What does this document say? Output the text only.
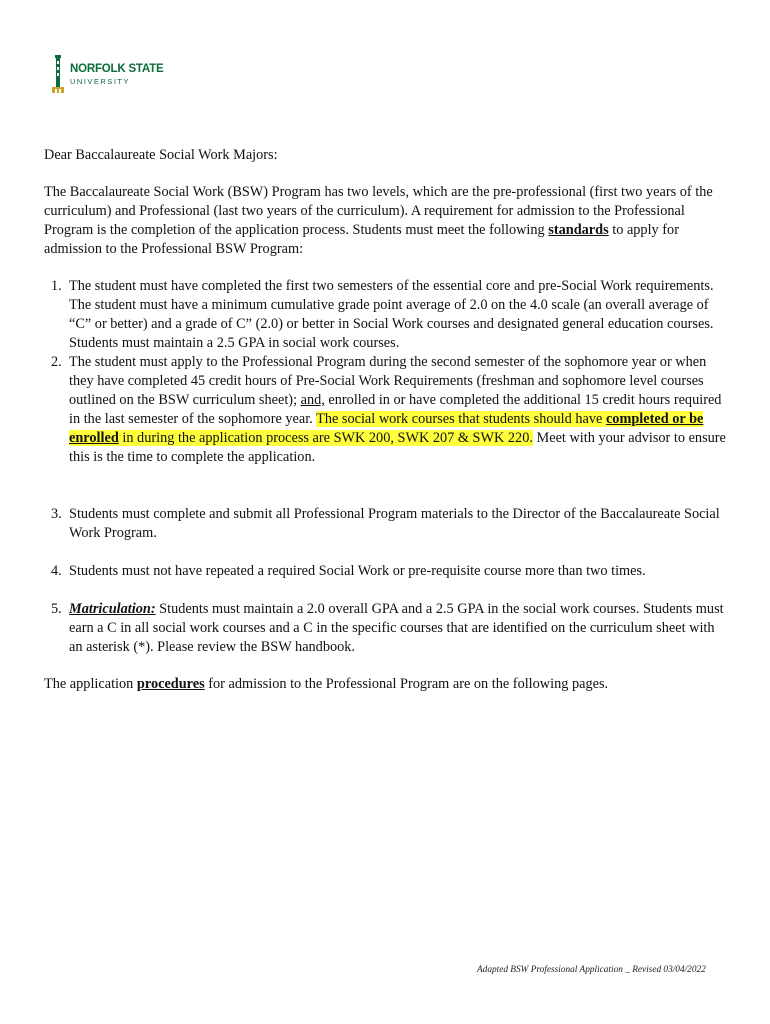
NORFOLK STATE
UNIVERSITY

Dear Baccalaureate Social Work Majors:

The Baccalaureate Social Work (BSW) Program has two levels, which are the pre-professional (first two years of the curriculum) and Professional (last two years of the curriculum). A requirement for admission to the Professional Program is the completion of the application process. Students must meet the following standards to apply for admission to the Professional BSW Program:

1. The student must have completed the first two semesters of the essential core and pre-Social Work requirements. The student must have a minimum cumulative grade point average of 2.0 on the 4.0 scale (an overall average of “C” or better) and a grade of C” (2.0) or better in Social Work courses and designated general education courses. Students must maintain a 2.5 GPA in social work courses.
2. The student must apply to the Professional Program during the second semester of the sophomore year or when they have completed 45 credit hours of Pre-Social Work Requirements (freshman and sophomore level courses outlined on the BSW curriculum sheet); and, enrolled in or have completed the additional 15 credit hours required in the last semester of the sophomore year. The social work courses that students should have completed or be enrolled in during the application process are SWK 200, SWK 207 & SWK 220. Meet with your advisor to ensure this is the time to complete the application.
3. Students must complete and submit all Professional Program materials to the Director of the Baccalaureate Social Work Program.
4. Students must not have repeated a required Social Work or pre-requisite course more than two times.
5. Matriculation: Students must maintain a 2.0 overall GPA and a 2.5 GPA in the social work courses. Students must earn a C in all social work courses and a C in the specific courses that are identified on the curriculum sheet with an asterisk (*). Please review the BSW handbook.

The application procedures for admission to the Professional Program are on the following pages.

Adapted BSW Professional Application _ Revised 03/04/2022
